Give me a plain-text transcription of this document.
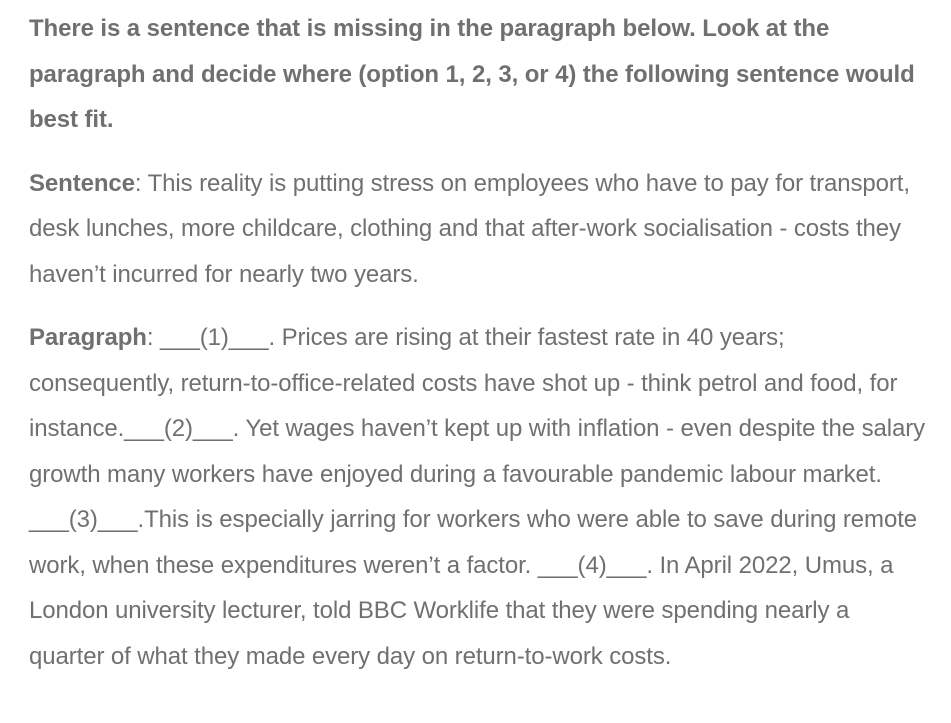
There is a sentence that is missing in the paragraph below. Look at the paragraph and decide where (option 1, 2, 3, or 4) the following sentence would best fit.

Sentence: This reality is putting stress on employees who have to pay for transport, desk lunches, more childcare, clothing and that after-work socialisation - costs they haven’t incurred for nearly two years.

Paragraph: ___(1)___. Prices are rising at their fastest rate in 40 years; consequently, return-to-office-related costs have shot up - think petrol and food, for instance.___(2)___. Yet wages haven’t kept up with inflation - even despite the salary growth many workers have enjoyed during a favourable pandemic labour market. ___(3)___.This is especially jarring for workers who were able to save during remote work, when these expenditures weren’t a factor. ___(4)___. In April 2022, Umus, a London university lecturer, told BBC Worklife that they were spending nearly a quarter of what they made every day on return-to-work costs.
